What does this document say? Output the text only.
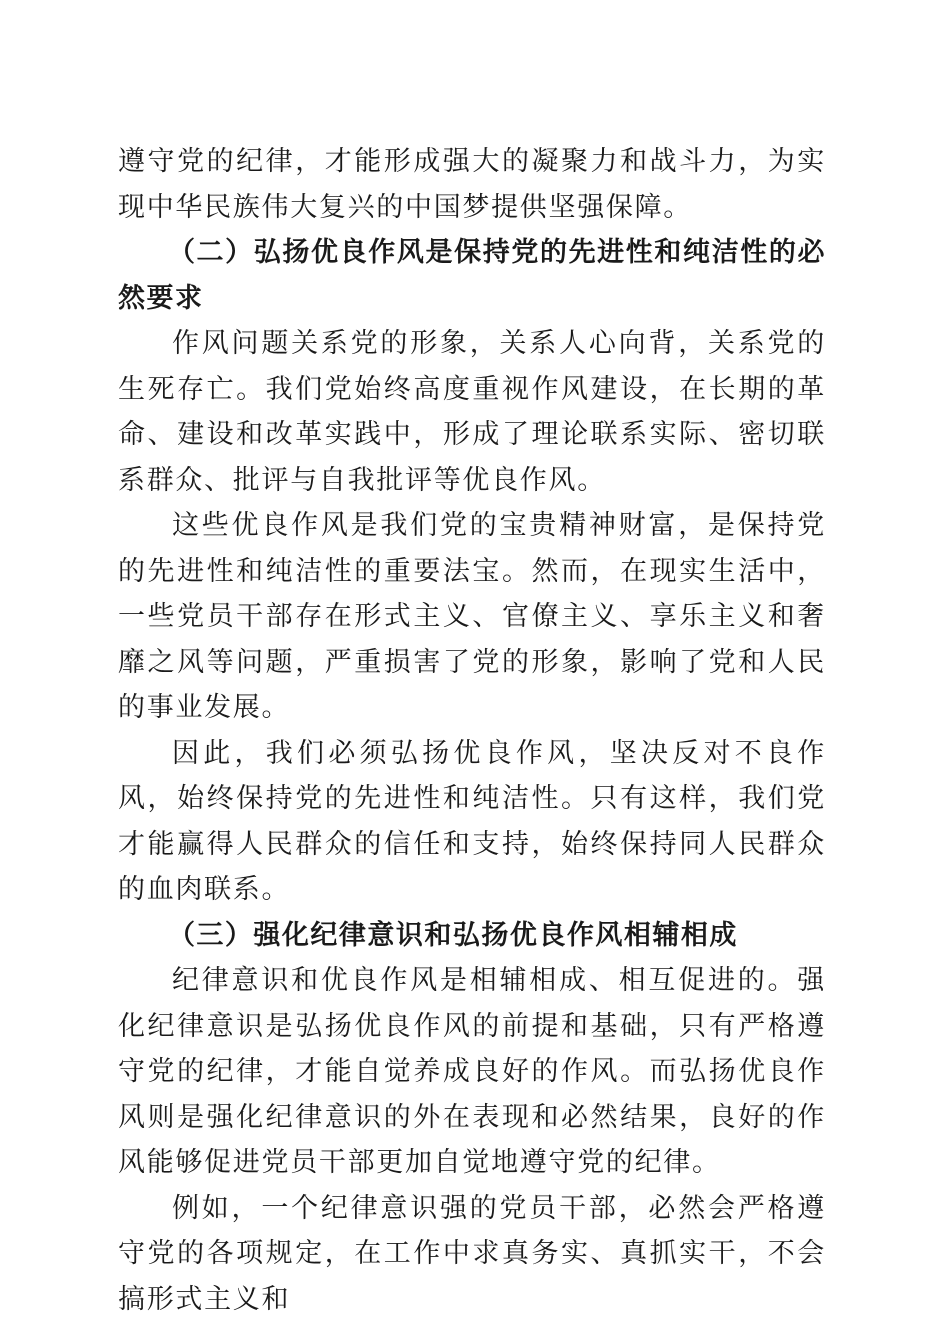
遵守党的纪律，才能形成强大的凝聚力和战斗力，为实现中华民族伟大复兴的中国梦提供坚强保障。

（二）弘扬优良作风是保持党的先进性和纯洁性的必然要求

作风问题关系党的形象，关系人心向背，关系党的生死存亡。我们党始终高度重视作风建设，在长期的革命、建设和改革实践中，形成了理论联系实际、密切联系群众、批评与自我批评等优良作风。

这些优良作风是我们党的宝贵精神财富，是保持党的先进性和纯洁性的重要法宝。然而，在现实生活中，一些党员干部存在形式主义、官僚主义、享乐主义和奢靡之风等问题，严重损害了党的形象，影响了党和人民的事业发展。

因此，我们必须弘扬优良作风，坚决反对不良作风，始终保持党的先进性和纯洁性。只有这样，我们党才能赢得人民群众的信任和支持，始终保持同人民群众的血肉联系。

（三）强化纪律意识和弘扬优良作风相辅相成

纪律意识和优良作风是相辅相成、相互促进的。强化纪律意识是弘扬优良作风的前提和基础，只有严格遵守党的纪律，才能自觉养成良好的作风。而弘扬优良作风则是强化纪律意识的外在表现和必然结果，良好的作风能够促进党员干部更加自觉地遵守党的纪律。

例如，一个纪律意识强的党员干部，必然会严格遵守党的各项规定，在工作中求真务实、真抓实干，不会搞形式主义和
